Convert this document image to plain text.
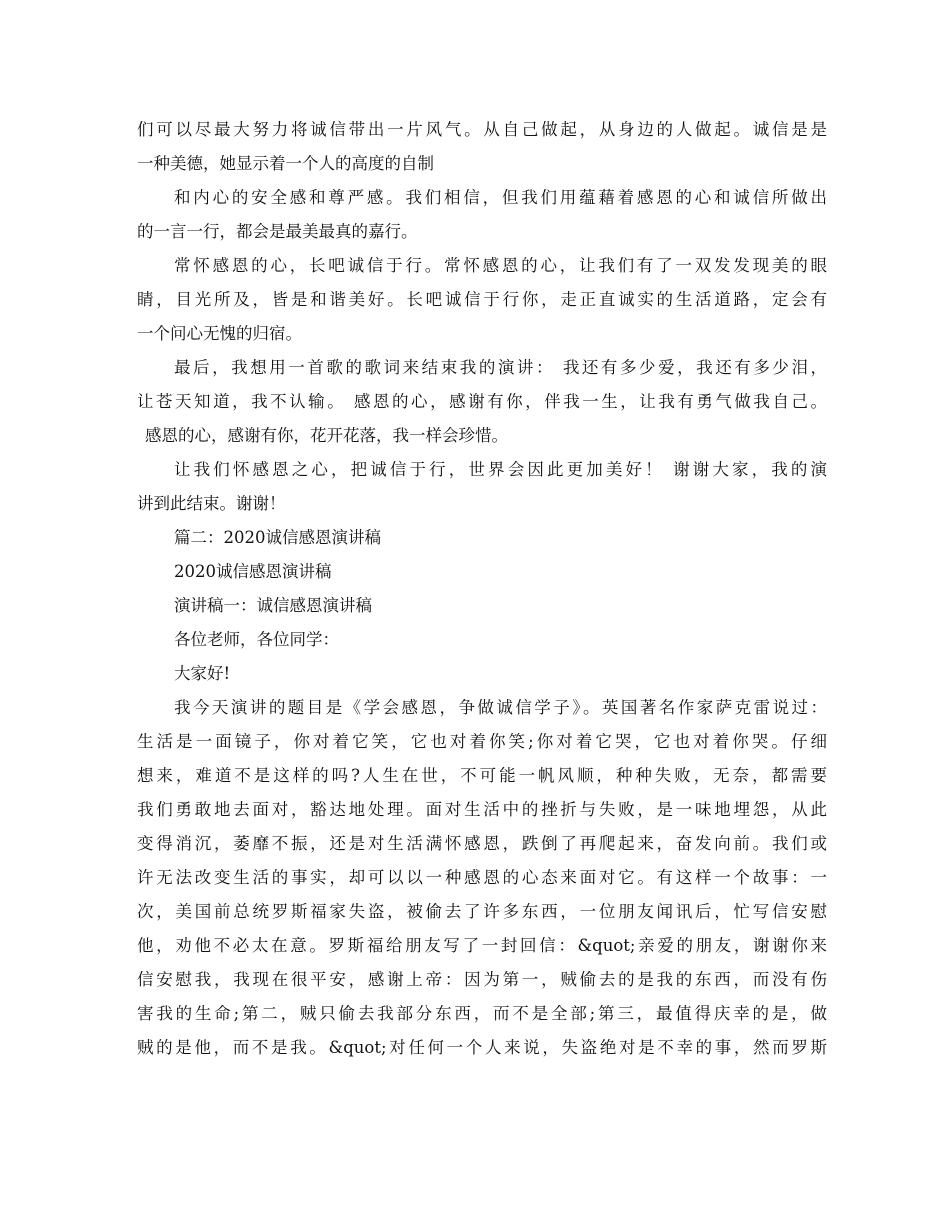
们可以尽最大努力将诚信带出一片风气。从自己做起，从身边的人做起。诚信是是
一种美德，她显示着一个人的高度的自制
和内心的安全感和尊严感。我们相信，但我们用蕴藉着感恩的心和诚信所做出
的一言一行，都会是最美最真的嘉行。
常怀感恩的心，长吧诚信于行。常怀感恩的心，让我们有了一双发发现美的眼
睛，目光所及，皆是和谐美好。长吧诚信于行你，走正直诚实的生活道路，定会有
一个问心无愧的归宿。
最后，我想用一首歌的歌词来结束我的演讲： 我还有多少爱，我还有多少泪，
让苍天知道，我不认输。 感恩的心，感谢有你，伴我一生，让我有勇气做我自己。
感恩的心，感谢有你，花开花落，我一样会珍惜。
让我们怀感恩之心，把诚信于行，世界会因此更加美好！ 谢谢大家，我的演
讲到此结束。谢谢！
篇二：2020诚信感恩演讲稿
2020诚信感恩演讲稿
演讲稿一：诚信感恩演讲稿
各位老师，各位同学：
大家好!
我今天演讲的题目是《学会感恩，争做诚信学子》。英国著名作家萨克雷说过：
生活是一面镜子，你对着它笑，它也对着你笑;你对着它哭，它也对着你哭。仔细
想来，难道不是这样的吗?人生在世，不可能一帆风顺，种种失败，无奈，都需要
我们勇敢地去面对，豁达地处理。面对生活中的挫折与失败，是一味地埋怨，从此
变得消沉，萎靡不振，还是对生活满怀感恩，跌倒了再爬起来，奋发向前。我们或
许无法改变生活的事实，却可以以一种感恩的心态来面对它。有这样一个故事：一
次，美国前总统罗斯福家失盗，被偷去了许多东西，一位朋友闻讯后，忙写信安慰
他，劝他不必太在意。罗斯福给朋友写了一封回信：&quot;亲爱的朋友，谢谢你来
信安慰我，我现在很平安，感谢上帝：因为第一，贼偷去的是我的东西，而没有伤
害我的生命;第二，贼只偷去我部分东西，而不是全部;第三，最值得庆幸的是，做
贼的是他，而不是我。&quot;对任何一个人来说，失盗绝对是不幸的事，然而罗斯
